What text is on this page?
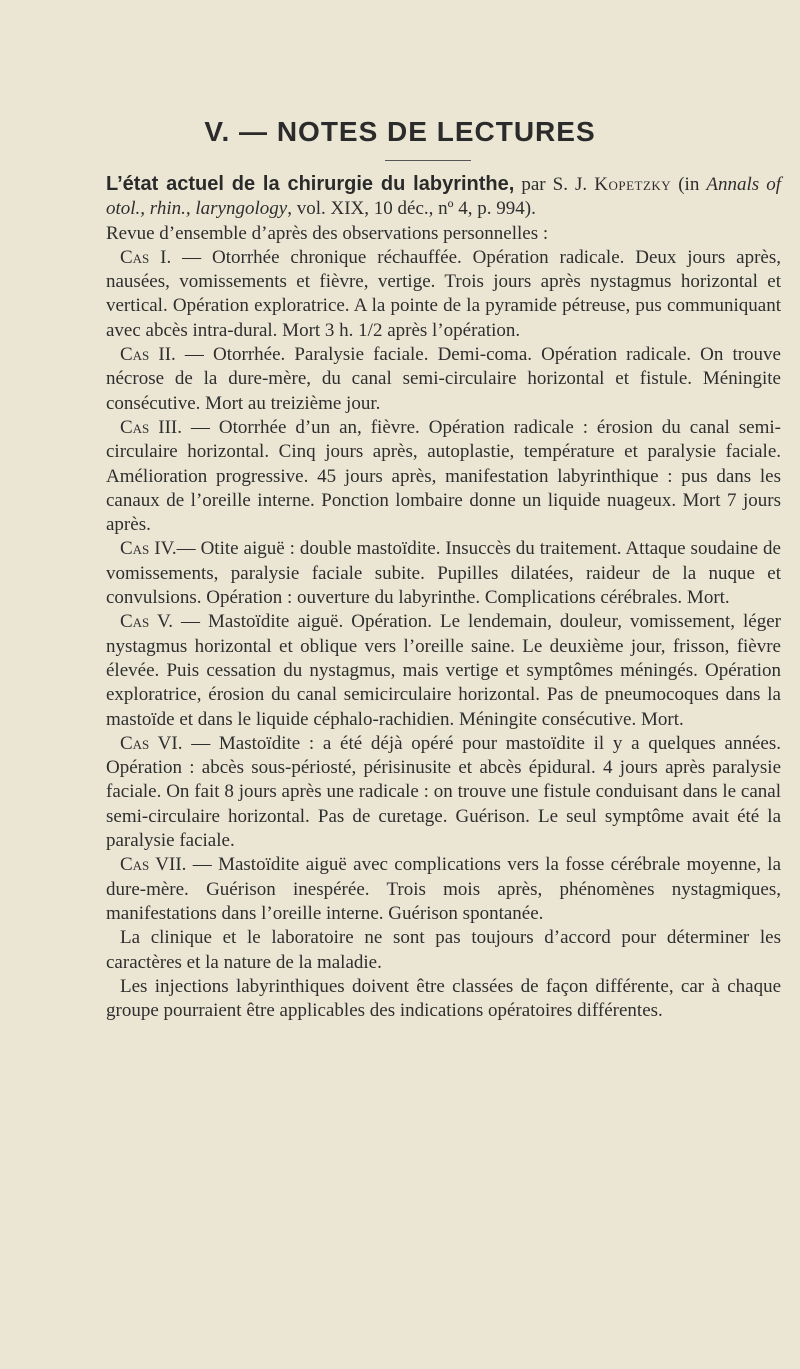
V. — NOTES DE LECTURES

L’état actuel de la chirurgie du labyrinthe, par S. J. Kopetzky (in Annals of otol., rhin., laryngology, vol. XIX, 10 déc., nº 4, p. 994).

Revue d’ensemble d’après des observations personnelles :

Cas I. — Otorrhée chronique réchauffée. Opération radicale. Deux jours après, nausées, vomissements et fièvre, vertige. Trois jours après nystagmus horizontal et vertical. Opération exploratrice. A la pointe de la pyramide pétreuse, pus communiquant avec abcès intra-dural. Mort 3 h. 1/2 après l’opération.

Cas II. — Otorrhée. Paralysie faciale. Demi-coma. Opération radicale. On trouve nécrose de la dure-mère, du canal semi-circulaire horizontal et fistule. Méningite consécutive. Mort au treizième jour.

Cas III. — Otorrhée d’un an, fièvre. Opération radicale : érosion du canal semi-circulaire horizontal. Cinq jours après, autoplastie, température et paralysie faciale. Amélioration progressive. 45 jours après, manifestation labyrinthique : pus dans les canaux de l’oreille interne. Ponction lombaire donne un liquide nuageux. Mort 7 jours après.

Cas IV.— Otite aiguë : double mastoïdite. Insuccès du traitement. Attaque soudaine de vomissements, paralysie faciale subite. Pupilles dilatées, raideur de la nuque et convulsions. Opération : ouverture du labyrinthe. Complications cérébrales. Mort.

Cas V. — Mastoïdite aiguë. Opération. Le lendemain, douleur, vomissement, léger nystagmus horizontal et oblique vers l’oreille saine. Le deuxième jour, frisson, fièvre élevée. Puis cessation du nystagmus, mais vertige et symptômes méningés. Opération exploratrice, érosion du canal semicirculaire horizontal. Pas de pneumocoques dans la mastoïde et dans le liquide céphalo-rachidien. Méningite consécutive. Mort.

Cas VI. — Mastoïdite : a été déjà opéré pour mastoïdite il y a quelques années. Opération : abcès sous-périosté, périsinusite et abcès épidural. 4 jours après paralysie faciale. On fait 8 jours après une radicale : on trouve une fistule conduisant dans le canal semi-circulaire horizontal. Pas de curetage. Guérison. Le seul symptôme avait été la paralysie faciale.

Cas VII. — Mastoïdite aiguë avec complications vers la fosse cérébrale moyenne, la dure-mère. Guérison inespérée. Trois mois après, phénomènes nystagmiques, manifestations dans l’oreille interne. Guérison spontanée.

La clinique et le laboratoire ne sont pas toujours d’accord pour déterminer les caractères et la nature de la maladie.

Les injections labyrinthiques doivent être classées de façon différente, car à chaque groupe pourraient être applicables des indications opératoires différentes.
